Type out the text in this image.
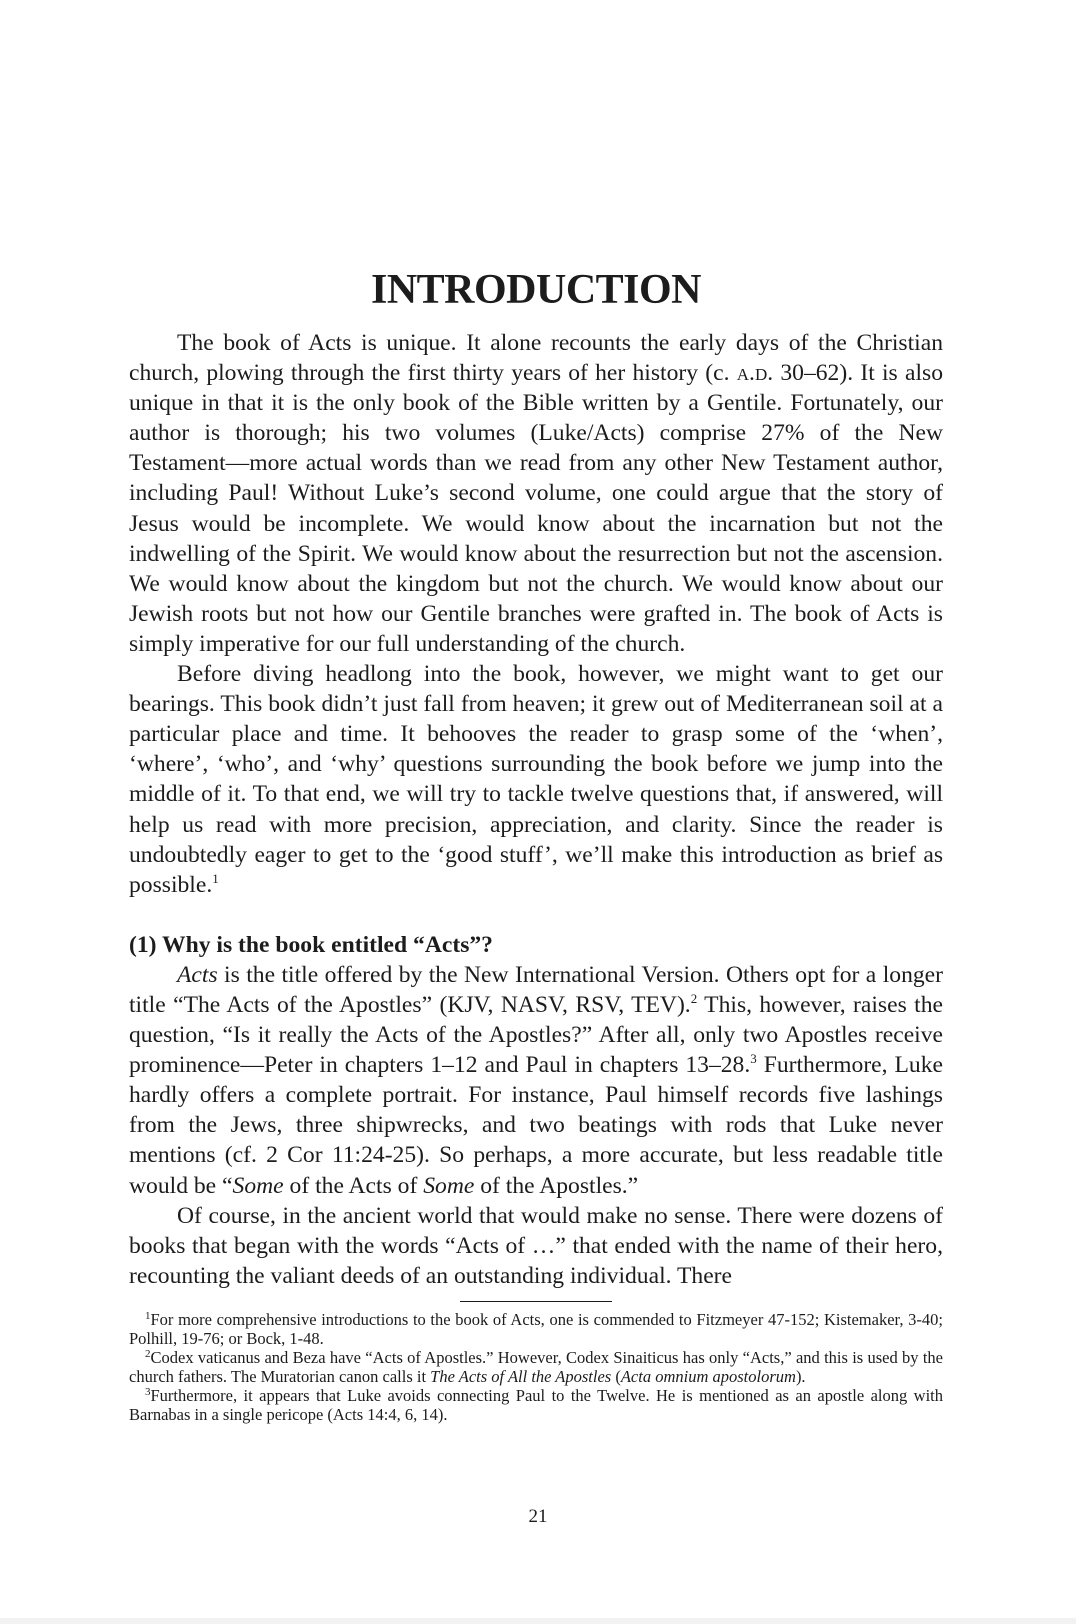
INTRODUCTION

The book of Acts is unique. It alone recounts the early days of the Christian church, plowing through the first thirty years of her history (c. a.d. 30–62). It is also unique in that it is the only book of the Bible written by a Gentile. Fortunately, our author is thorough; his two volumes (Luke/Acts) comprise 27% of the New Testament—more actual words than we read from any other New Testament author, including Paul! Without Luke’s second volume, one could argue that the story of Jesus would be incomplete. We would know about the incarnation but not the indwelling of the Spirit. We would know about the resurrection but not the ascension. We would know about the kingdom but not the church. We would know about our Jewish roots but not how our Gentile branches were grafted in. The book of Acts is simply imperative for our full understanding of the church.

Before diving headlong into the book, however, we might want to get our bearings. This book didn’t just fall from heaven; it grew out of Mediterranean soil at a particular place and time. It behooves the reader to grasp some of the ‘when’, ‘where’, ‘who’, and ‘why’ questions surrounding the book before we jump into the middle of it. To that end, we will try to tackle twelve questions that, if answered, will help us read with more precision, appreciation, and clarity. Since the reader is undoubtedly eager to get to the ‘good stuff’, we’ll make this introduction as brief as possible.$^1$

(1) Why is the book entitled “Acts”?

Acts is the title offered by the New International Version. Others opt for a longer title “The Acts of the Apostles” (KJV, NASV, RSV, TEV).$^2$ This, however, raises the question, “Is it really the Acts of the Apostles?” After all, only two Apostles receive prominence—Peter in chapters 1–12 and Paul in chapters 13–28.$^3$ Furthermore, Luke hardly offers a complete portrait. For instance, Paul himself records five lashings from the Jews, three shipwrecks, and two beatings with rods that Luke never mentions (cf. 2 Cor 11:24-25). So perhaps, a more accurate, but less readable title would be “Some of the Acts of Some of the Apostles.”

Of course, in the ancient world that would make no sense. There were dozens of books that began with the words “Acts of …” that ended with the name of their hero, recounting the valiant deeds of an outstanding individual. There

$^1$For more comprehensive introductions to the book of Acts, one is commended to Fitzmeyer 47-152; Kistemaker, 3-40; Polhill, 19-76; or Bock, 1-48.

$^2$Codex vaticanus and Beza have “Acts of Apostles.” However, Codex Sinaiticus has only “Acts,” and this is used by the church fathers. The Muratorian canon calls it The Acts of All the Apostles (Acta omnium apostolorum).

$^3$Furthermore, it appears that Luke avoids connecting Paul to the Twelve. He is mentioned as an apostle along with Barnabas in a single pericope (Acts 14:4, 6, 14).

21
